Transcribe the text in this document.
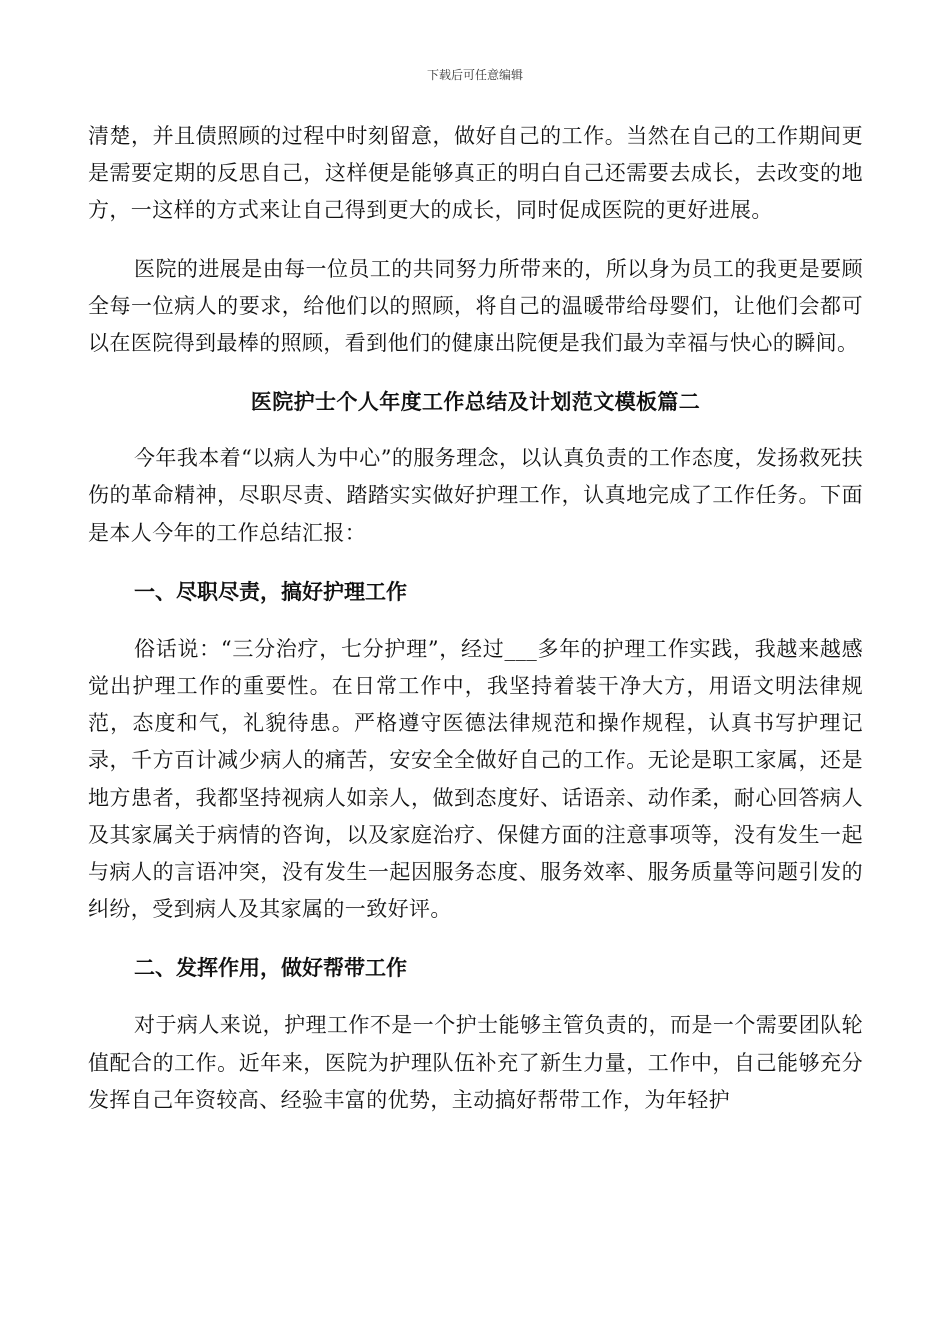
下载后可任意编辑

清楚，并且债照顾的过程中时刻留意，做好自己的工作。当然在自己的工作期间更是需要定期的反思自己，这样便是能够真正的明白自己还需要去成长，去改变的地方，一这样的方式来让自己得到更大的成长，同时促成医院的更好进展。

医院的进展是由每一位员工的共同努力所带来的，所以身为员工的我更是要顾全每一位病人的要求，给他们以的照顾，将自己的温暖带给母婴们，让他们会都可以在医院得到最棒的照顾，看到他们的健康出院便是我们最为幸福与快心的瞬间。

医院护士个人年度工作总结及计划范文模板篇二

今年我本着“以病人为中心”的服务理念，以认真负责的工作态度，发扬救死扶伤的革命精神，尽职尽责、踏踏实实做好护理工作，认真地完成了工作任务。下面是本人今年的工作总结汇报：

一、尽职尽责，搞好护理工作

俗话说：“三分治疗，七分护理”，经过___多年的护理工作实践，我越来越感觉出护理工作的重要性。在日常工作中，我坚持着装干净大方，用语文明法律规范，态度和气，礼貌待患。严格遵守医德法律规范和操作规程，认真书写护理记录，千方百计减少病人的痛苦，安安全全做好自己的工作。无论是职工家属，还是地方患者，我都坚持视病人如亲人，做到态度好、话语亲、动作柔，耐心回答病人及其家属关于病情的咨询，以及家庭治疗、保健方面的注意事项等，没有发生一起与病人的言语冲突，没有发生一起因服务态度、服务效率、服务质量等问题引发的纠纷，受到病人及其家属的一致好评。

二、发挥作用，做好帮带工作

对于病人来说，护理工作不是一个护士能够主管负责的，而是一个需要团队轮值配合的工作。近年来，医院为护理队伍补充了新生力量，工作中，自己能够充分发挥自己年资较高、经验丰富的优势，主动搞好帮带工作，为年轻护
